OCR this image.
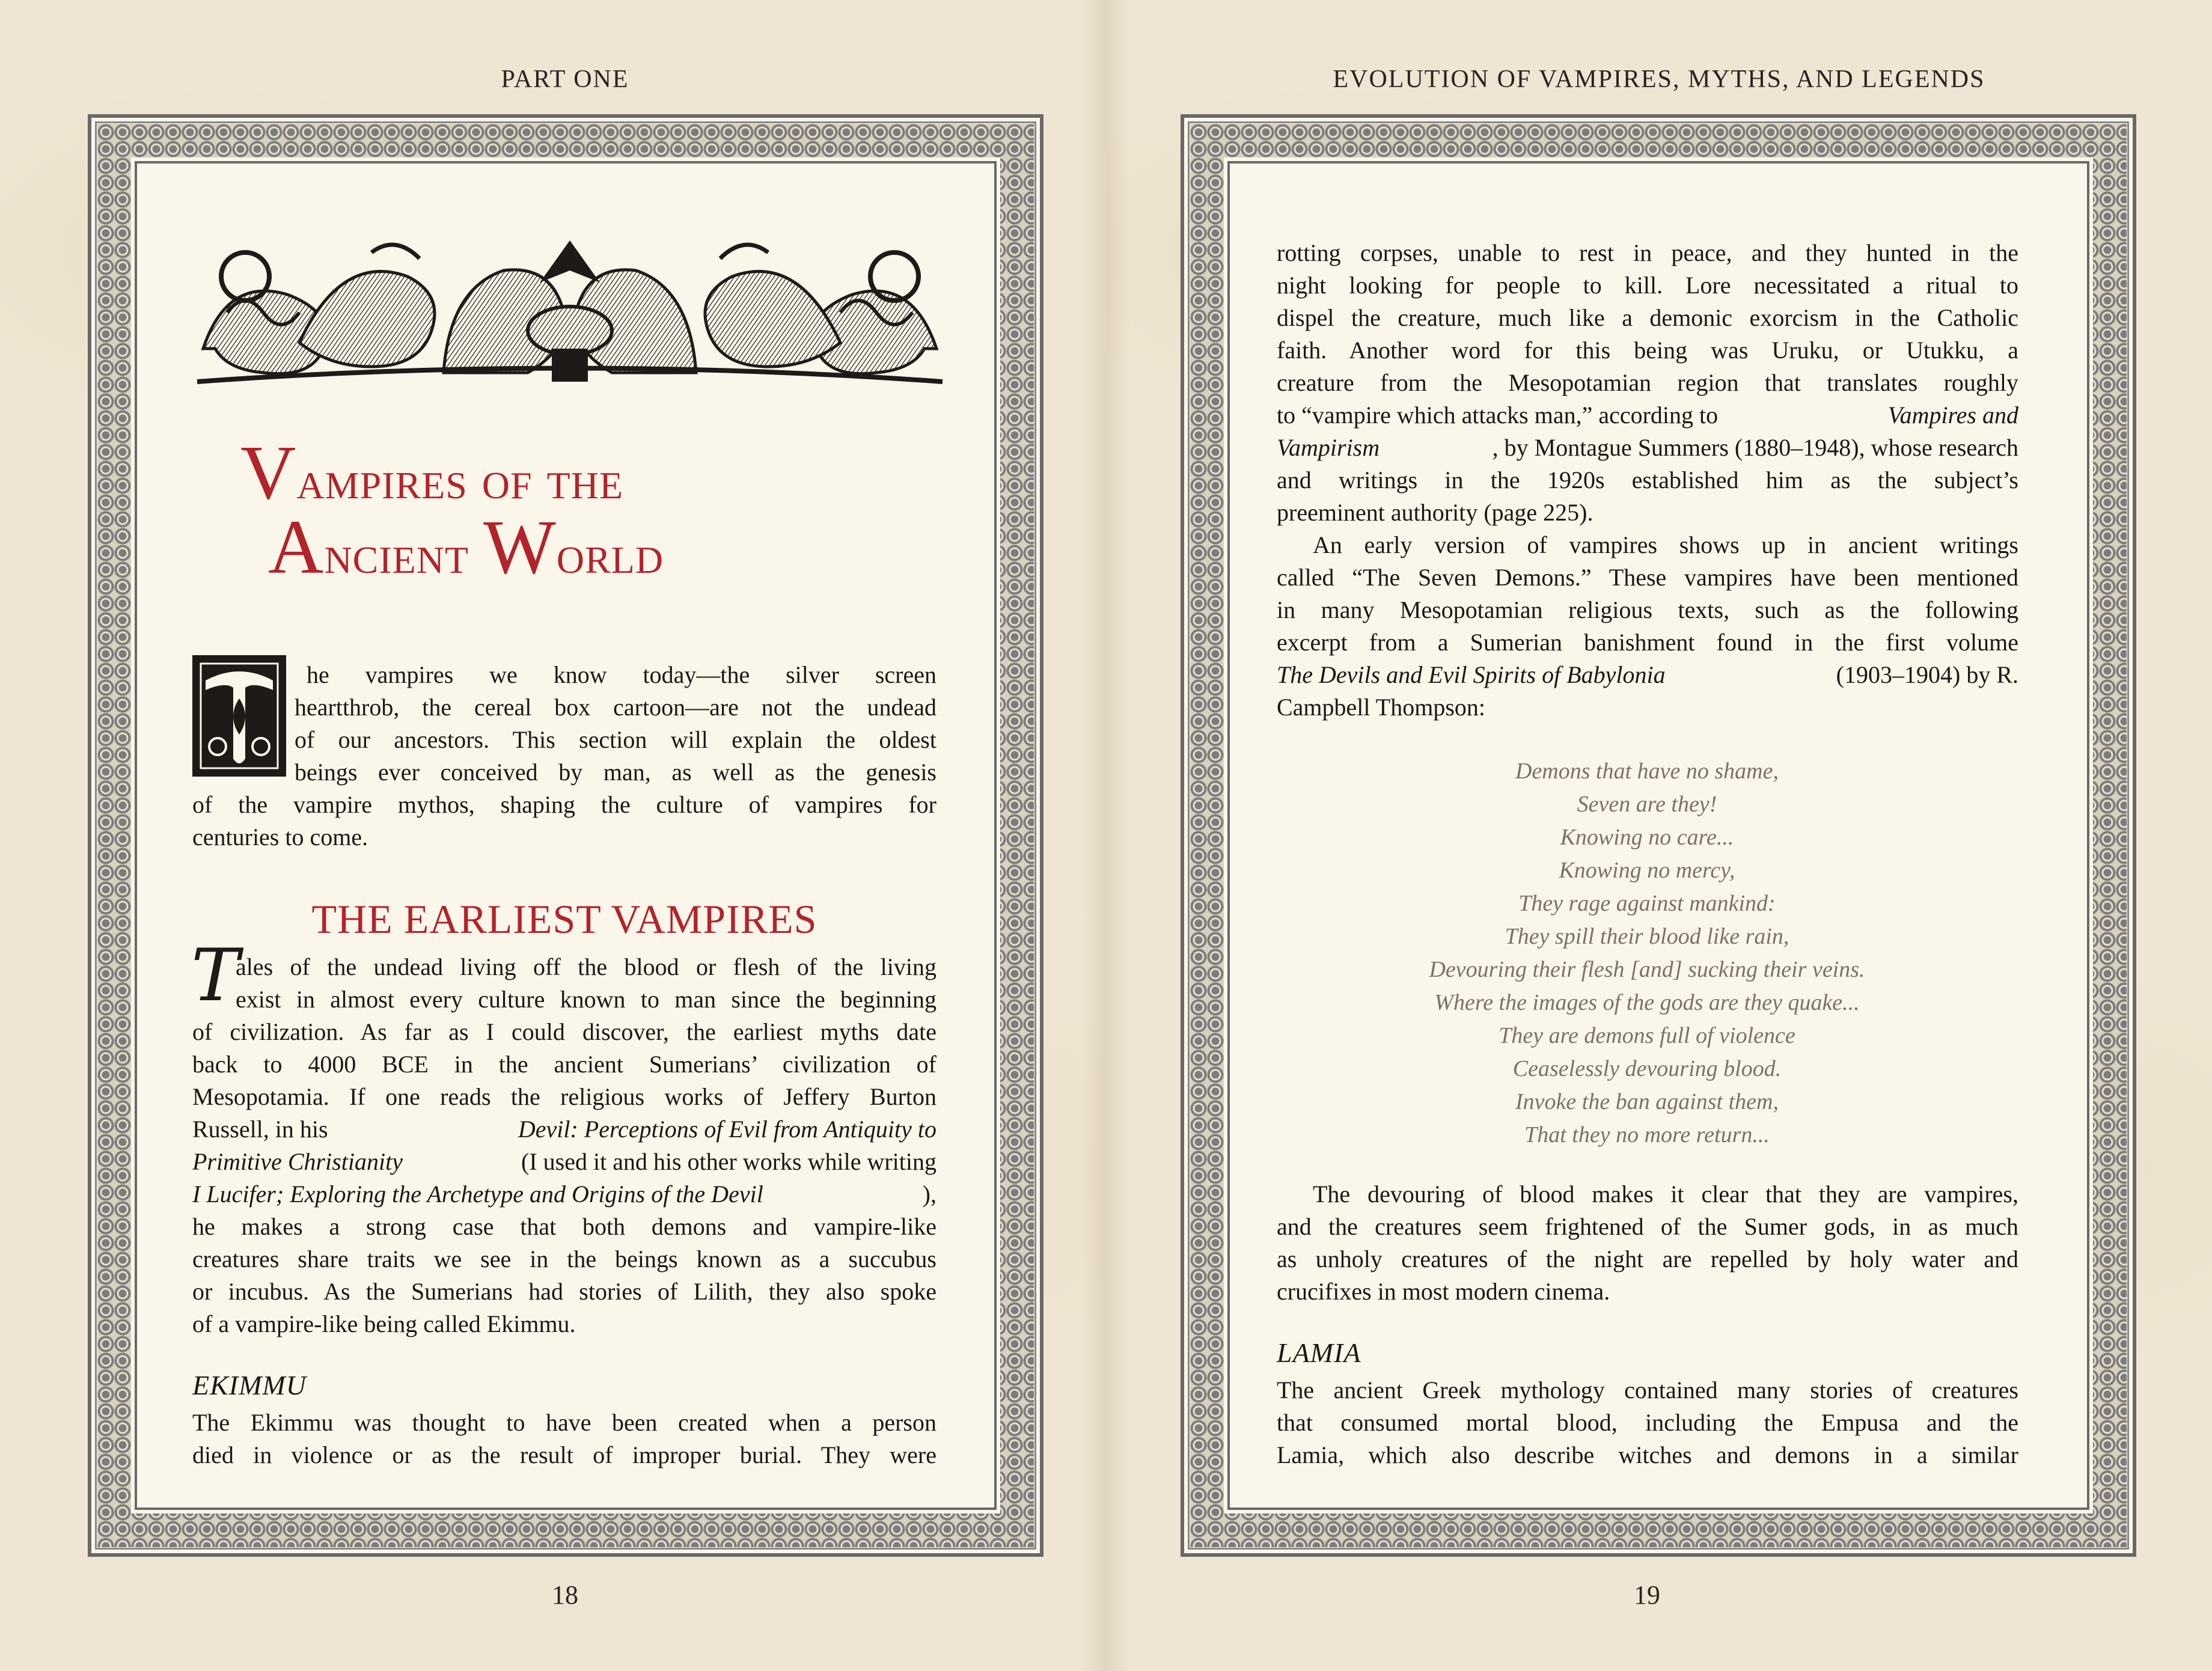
PART ONE
Vampires of the
Ancient World
he vampires we know today—the silver screen
heartthrob, the cereal box cartoon—are not the undead
of our ancestors. This section will explain the oldest
beings ever conceived by man, as well as the genesis
of the vampire mythos, shaping the culture of vampires for
centuries to come.
THE EARLIEST VAMPIRES
T
ales of the undead living off the blood or flesh of the living
exist in almost every culture known to man since the beginning
of civilization. As far as I could discover, the earliest myths date
back to 4000 BCE in the ancient Sumerians’ civilization of
Mesopotamia. If one reads the religious works of Jeffery Burton
Russell, in his	Devil: Perceptions of Evil from Antiquity to
Primitive Christianity	(I used it and his other works while writing
I Lucifer; Exploring the Archetype and Origins of the Devil	),
he makes a strong case that both demons and vampire-like
creatures share traits we see in the beings known as a succubus
or incubus. As the Sumerians had stories of Lilith, they also spoke
of a vampire-like being called Ekimmu.
EKIMMU
The Ekimmu was thought to have been created when a person
died in violence or as the result of improper burial. They were
18
EVOLUTION OF VAMPIRES, MYTHS, AND LEGENDS
rotting corpses, unable to rest in peace, and they hunted in the
night looking for people to kill. Lore necessitated a ritual to
dispel the creature, much like a demonic exorcism in the Catholic
faith. Another word for this being was Uruku, or Utukku, a
creature from the Mesopotamian region that translates roughly
to “vampire which attacks man,” according to	Vampires and
Vampirism	, by Montague Summers (1880–1948), whose research
and writings in the 1920s established him as the subject’s
preeminent authority (page 225).
An early version of vampires shows up in ancient writings
called “The Seven Demons.” These vampires have been mentioned
in many Mesopotamian religious texts, such as the following
excerpt from a Sumerian banishment found in the first volume
The Devils and Evil Spirits of Babylonia	(1903–1904) by R.
Campbell Thompson:
Demons that have no shame,
Seven are they!
Knowing no care...
Knowing no mercy,
They rage against mankind:
They spill their blood like rain,
Devouring their flesh [and] sucking their veins.
Where the images of the gods are they quake...
They are demons full of violence
Ceaselessly devouring blood.
Invoke the ban against them,
That they no more return...
The devouring of blood makes it clear that they are vampires,
and the creatures seem frightened of the Sumer gods, in as much
as unholy creatures of the night are repelled by holy water and
crucifixes in most modern cinema.
LAMIA
The ancient Greek mythology contained many stories of creatures
that consumed mortal blood, including the Empusa and the
Lamia, which also describe witches and demons in a similar
19
